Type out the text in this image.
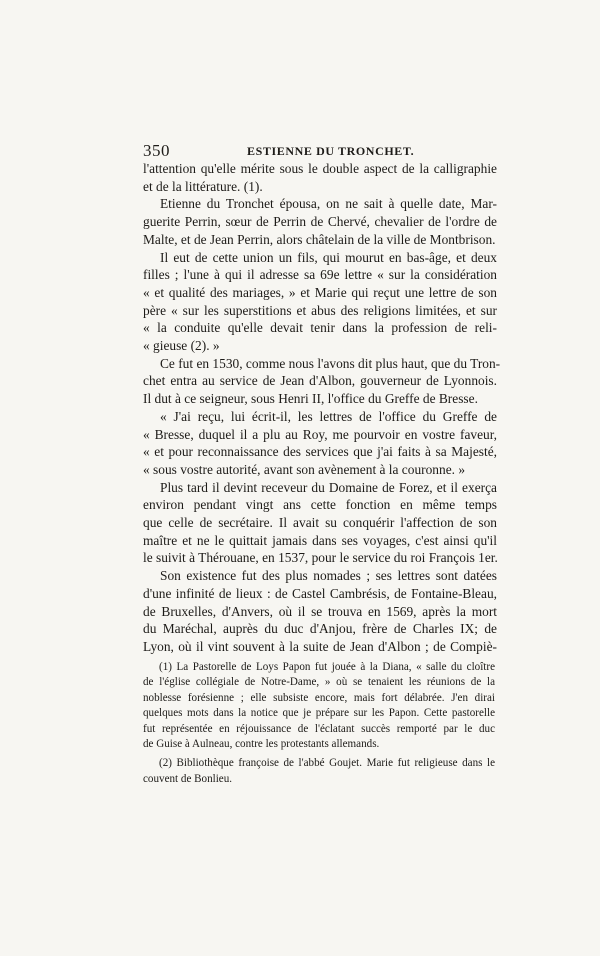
350	ESTIENNE DU TRONCHET.

l'attention qu'elle mérite sous le double aspect de la calligraphie
et de la littérature. (1).

Etienne du Tronchet épousa, on ne sait à quelle date, Mar-
guerite Perrin, sœur de Perrin de Chervé, chevalier de l'ordre de
Malte, et de Jean Perrin, alors châtelain de la ville de Montbrison.

Il eut de cette union un fils, qui mourut en bas-âge, et deux
filles ; l'une à qui il adresse sa 69e lettre « sur la considération
« et qualité des mariages, » et Marie qui reçut une lettre de son
père « sur les superstitions et abus des religions limitées, et sur
« la conduite qu'elle devait tenir dans la profession de reli-
« gieuse (2). »

Ce fut en 1530, comme nous l'avons dit plus haut, que du Tron-
chet entra au service de Jean d'Albon, gouverneur de Lyonnois.
Il dut à ce seigneur, sous Henri II, l'office du Greffe de Bresse.

« J'ai reçu, lui écrit-il, les lettres de l'office du Greffe de
« Bresse, duquel il a plu au Roy, me pourvoir en vostre faveur,
« et pour reconnaissance des services que j'ai faits à sa Majesté,
« sous vostre autorité, avant son avènement à la couronne. »

Plus tard il devint receveur du Domaine de Forez, et il exerça
environ pendant vingt ans cette fonction en même temps
que celle de secrétaire. Il avait su conquérir l'affection de son
maître et ne le quittait jamais dans ses voyages, c'est ainsi qu'il
le suivit à Thérouane, en 1537, pour le service du roi François 1er.

Son existence fut des plus nomades ; ses lettres sont datées
d'une infinité de lieux : de Castel Cambrésis, de Fontaine-Bleau,
de Bruxelles, d'Anvers, où il se trouva en 1569, après la mort
du Maréchal, auprès du duc d'Anjou, frère de Charles IX; de
Lyon, où il vint souvent à la suite de Jean d'Albon ; de Compiè-

(1) La Pastorelle de Loys Papon fut jouée à la Diana, « salle du cloître
de l'église collégiale de Notre-Dame, » où se tenaient les réunions de la
noblesse forésienne ; elle subsiste encore, mais fort délabrée. J'en dirai
quelques mots dans la notice que je prépare sur les Papon. Cette pastorelle
fut représentée en réjouissance de l'éclatant succès remporté par le duc
de Guise à Aulneau, contre les protestants allemands.
(2) Bibliothèque françoise de l'abbé Goujet. Marie fut religieuse dans le
couvent de Bonlieu.
